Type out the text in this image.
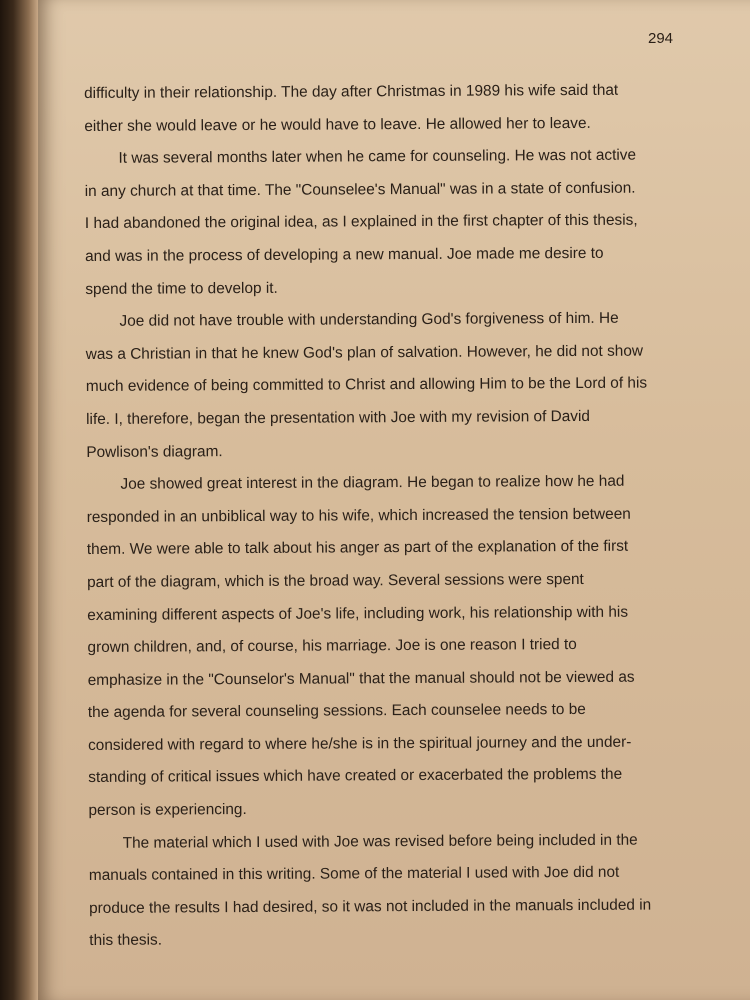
294

difficulty in their relationship. The day after Christmas in 1989 his wife said that
either she would leave or he would have to leave. He allowed her to leave.

It was several months later when he came for counseling. He was not active
in any church at that time. The "Counselee's Manual" was in a state of confusion.
I had abandoned the original idea, as I explained in the first chapter of this thesis,
and was in the process of developing a new manual. Joe made me desire to
spend the time to develop it.

Joe did not have trouble with understanding God's forgiveness of him. He
was a Christian in that he knew God's plan of salvation. However, he did not show
much evidence of being committed to Christ and allowing Him to be the Lord of his
life. I, therefore, began the presentation with Joe with my revision of David
Powlison's diagram.

Joe showed great interest in the diagram. He began to realize how he had
responded in an unbiblical way to his wife, which increased the tension between
them. We were able to talk about his anger as part of the explanation of the first
part of the diagram, which is the broad way. Several sessions were spent
examining different aspects of Joe's life, including work, his relationship with his
grown children, and, of course, his marriage. Joe is one reason I tried to
emphasize in the "Counselor's Manual" that the manual should not be viewed as
the agenda for several counseling sessions. Each counselee needs to be
considered with regard to where he/she is in the spiritual journey and the under-
standing of critical issues which have created or exacerbated the problems the
person is experiencing.

The material which I used with Joe was revised before being included in the
manuals contained in this writing. Some of the material I used with Joe did not
produce the results I had desired, so it was not included in the manuals included in
this thesis.
